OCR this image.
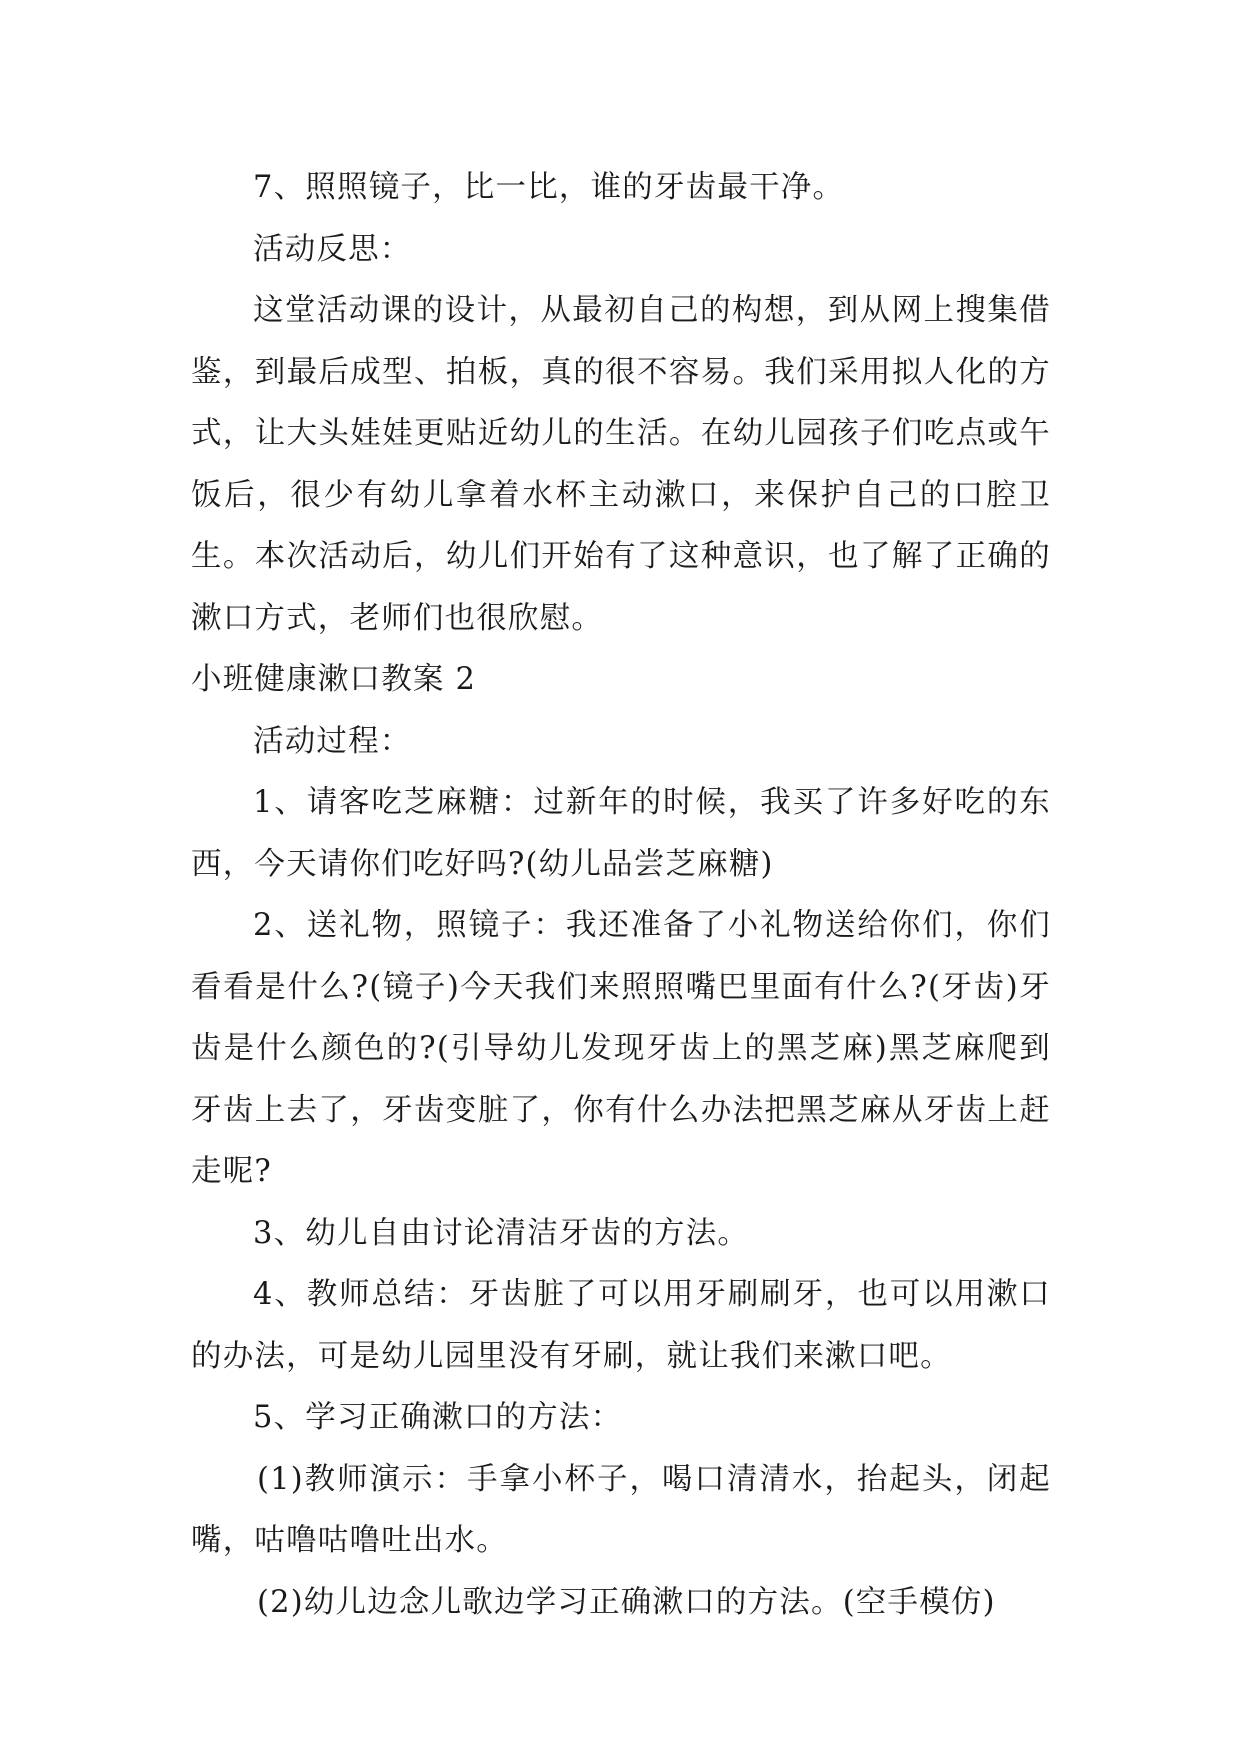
7、照照镜子，比一比，谁的牙齿最干净。

活动反思：

这堂活动课的设计，从最初自己的构想，到从网上搜集借鉴，到最后成型、拍板，真的很不容易。我们采用拟人化的方式，让大头娃娃更贴近幼儿的生活。在幼儿园孩子们吃点或午饭后，很少有幼儿拿着水杯主动漱口，来保护自己的口腔卫生。本次活动后，幼儿们开始有了这种意识，也了解了正确的漱口方式，老师们也很欣慰。

小班健康漱口教案 2

活动过程：

1、请客吃芝麻糖：过新年的时候，我买了许多好吃的东西，今天请你们吃好吗?(幼儿品尝芝麻糖)

2、送礼物，照镜子：我还准备了小礼物送给你们，你们看看是什么?(镜子)今天我们来照照嘴巴里面有什么?(牙齿)牙齿是什么颜色的?(引导幼儿发现牙齿上的黑芝麻)黑芝麻爬到牙齿上去了，牙齿变脏了，你有什么办法把黑芝麻从牙齿上赶走呢?

3、幼儿自由讨论清洁牙齿的方法。

4、教师总结：牙齿脏了可以用牙刷刷牙，也可以用漱口的办法，可是幼儿园里没有牙刷，就让我们来漱口吧。

5、学习正确漱口的方法：

(1)教师演示：手拿小杯子，喝口清清水，抬起头，闭起嘴，咕噜咕噜吐出水。

(2)幼儿边念儿歌边学习正确漱口的方法。(空手模仿)
